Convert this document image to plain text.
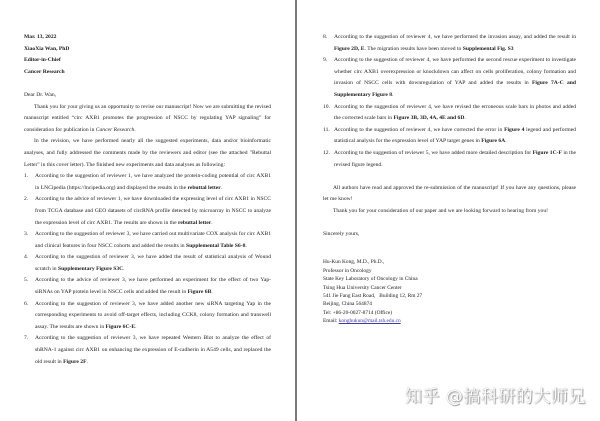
Mar. 13, 2022
XiaoXia Wan, PhD
Editor-in-Chief
Cancer Research
Dear Dr. Wan,

Thank you for your giving us an opportunity to revise our manuscript! Now we are submitting the revised manuscript entitled “circ AXB1 promotes the progression of NSCC by regulating YAP signaling” for consideration for publication in Cancer Research.

In the revision, we have performed nearly all the suggested experiments, data and/or bioinformatic analyses, and fully addressed the comments made by the reviewers and editor (see the attached "Rebuttal Letter" in this cover letter). The finished new experiments and data analyses as following:

1. According to the suggestion of reviewer 1, we have analyzed the protein-coding potential of circ AXB1 in LNCipedia (https://lncipedia.org) and displayed the results in the rebuttal letter.
2. According to the advice of reviewer 1, we have downloaded the expressing level of circ AXB1 in NSCC from TCGA database and GEO datasets of circRNA profile detected by microarray in NSCC to analyze the expression level of circ AXB1. The results are shown in the rebuttal letter.
3. According to the suggestion of reviewer 3, we have carried out multivariate COX analysis for circ AXB1 and clinical features in four NSCC cohorts and added the results in Supplemental Table S6-8.
4. According to the suggestion of reviewer 3, we have added the result of statistical analysis of Wound scratch in Supplementary Figure S3C.
5. According to the advice of reviewer 3, we have performed an experiment for the effect of two Yap-siRNAs on YAP protein level in NSCC cells and added the result in Figure 6B.
6. According to the suggestion of reviewer 3, we have added another new siRNA targeting Yap in the corresponding experiments to avoid off-target effects, including CCK8, colony formation and transwell assay. The results are shown in Figure 6C-E.
7. According to the suggestion of reviewer 3, we have repeated Western Blot to analyze the effect of shRNA-1 against circ AXB1 on enhancing the expression of E-cadherin in A549 cells, and replaced the old result in Figure 2F.
8. According to the suggestion of reviewer 4, we have performed the invasion assay, and added the result in Figure 2D, E. The migration results have been moved to Supplemental Fig. S3
9. According to the suggestion of reviewer 4, we have performed the second rescue experiment to investigate whether circ AXB1 overexpression or knockdown can affect on cells proliferation, colony formation and invasion of NSCC cells with downregulation of YAP and added the results in Figure 7A-C and Supplementary Figure 8.
10. According to the suggestion of reviewer 4, we have revised the erroneous scale bars in photos and added the corrected scale bars in Figure 3B, 3D, 4A, 4E and 6D.
11. According to the suggestion of reviewer 4, we have corrected the error in Figure 4 legend and performed statistical analysis for the expression level of YAP target genes in Figure 6A.
12. According to the suggestion of reviewer 5, we have added more detailed description for Figure 1C-F in the revised figure legend.

All authors have read and approved the re-submission of the manuscript! If you have any questions, please let me know!

Thank you for your consideration of our paper and we are looking forward to hearing from you!

Sincerely yours,
Hu-Kun Kong, M.D., Ph.D.,
Professor in Oncology
State Key Laboratory of Oncology in China
Tsing Hua University Cancer Center
541 Jie Fang East Road,   Building 12, Rm 27
Beijing, China 564874
Tel: +86-20-0027-8714 (Office)
Email: konghukun@mail.tsh.edu.cn
知乎 @搞科研的大师兄
